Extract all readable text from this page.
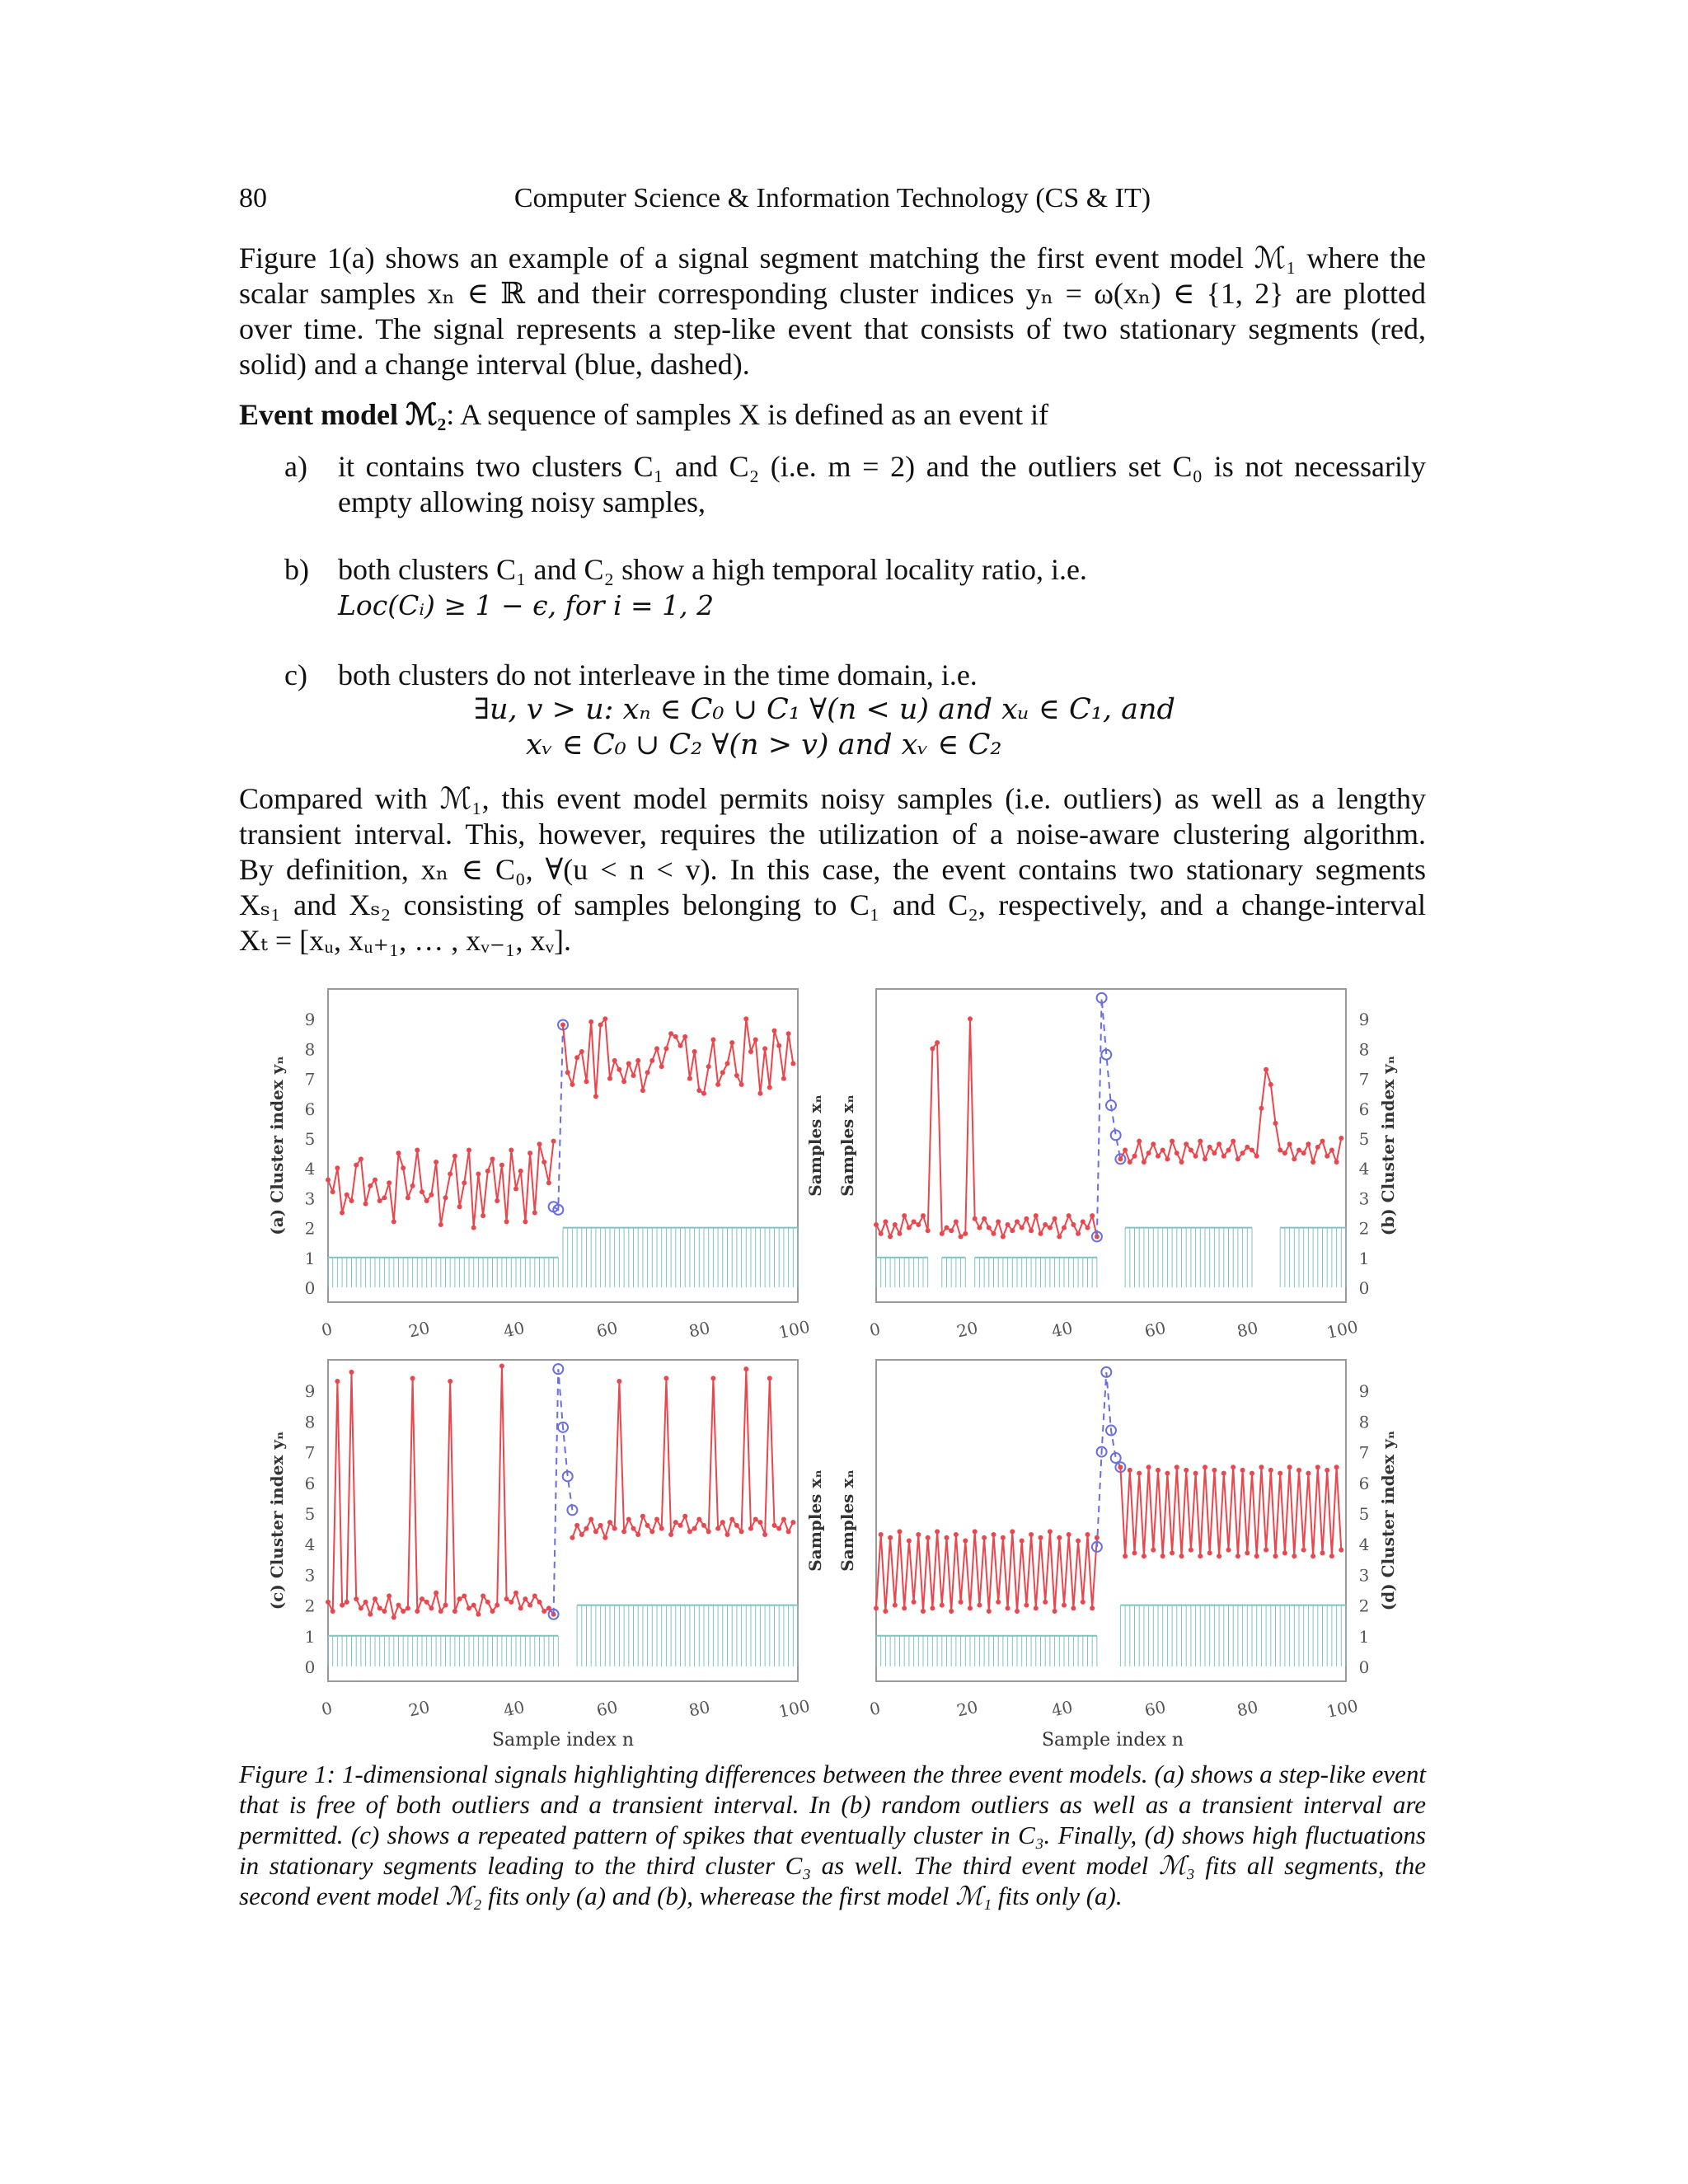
80	Computer Science & Information Technology (CS & IT)
Figure 1(a) shows an example of a signal segment matching the first event model ℳ₁ where the
scalar samples xₙ ∈ ℝ and their corresponding cluster indices yₙ = ω(xₙ) ∈ {1, 2} are plotted
over time. The signal represents a step-like event that consists of two stationary segments (red,
solid) and a change interval (blue, dashed).
Event model ℳ₂: A sequence of samples X is defined as an event if
a) it contains two clusters C₁ and C₂ (i.e. m = 2) and the outliers set C₀ is not necessarily
empty allowing noisy samples,
b) both clusters C₁ and C₂ show a high temporal locality ratio, i.e.
Loc(Cᵢ) ≥ 1 − ϵ, for i = 1, 2
c) both clusters do not interleave in the time domain, i.e.
∃u, v > u: xₙ ∈ C₀ ∪ C₁ ∀(n < u) and xᵤ ∈ C₁, and
xᵥ ∈ C₀ ∪ C₂ ∀(n > v) and xᵥ ∈ C₂
Compared with ℳ₁, this event model permits noisy samples (i.e. outliers) as well as a lengthy
transient interval. This, however, requires the utilization of a noise-aware clustering algorithm.
By definition, xₙ ∈ C₀, ∀(u < n < v). In this case, the event contains two stationary segments
Xₛ₁ and Xₛ₂ consisting of samples belonging to C₁ and C₂, respectively, and a change-interval
Xₜ = [xᵤ, xᵤ₊₁, … , xᵥ₋₁, xᵥ].
0
1
2
3
4
5
6
7
8
9
0	20	40	60	80	100
(a) Cluster index yₙ	Samples xₙ
0
1
2
3
4
5
6
7
8
9
0	20	40	60	80	100
(b) Cluster index yₙ
Samples xₙ
0
1
2
3
4
5
6
7
8
9
0	20	40	60	80	100
(c) Cluster index yₙ	Samples xₙ
0
1
2
3
4
5
6
7
8
9
0	20	40	60	80	100
(d) Cluster index yₙ
Samples xₙ
Sample index n	Sample index n

Figure 1: 1-dimensional signals highlighting differences between the three event models. (a) shows a step-like event that is free of both outliers and a transient interval. In (b) random outliers as well as a transient interval are permitted. (c) shows a repeated pattern of spikes that eventually cluster in C₃. Finally, (d) shows high fluctuations in stationary segments leading to the third cluster C₃ as well. The third event model ℳ₃ fits all segments, the second event model ℳ₂ fits only (a) and (b), wherease the first model ℳ₁ fits only (a).
